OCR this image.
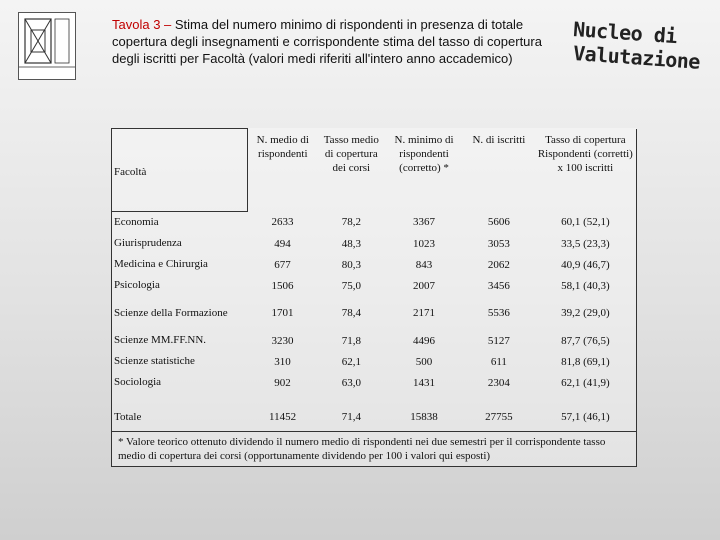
Tavola 3 – Stima del numero minimo di rispondenti in presenza di totale copertura degli insegnamenti e corrispondente stima del tasso di copertura degli iscritti per Facoltà (valori medi riferiti all'intero anno accademico)
Nucleo di
Valutazione
Facoltà	N. medio di rispondenti	Tasso medio di copertura dei corsi	N. minimo di rispondenti (corretto) *	N. di iscritti	Tasso di copertura Rispondenti (corretti) x 100 iscritti
Economia	2633	78,2	3367	5606	60,1 (52,1)
Giurisprudenza	494	48,3	1023	3053	33,5 (23,3)
Medicina e Chirurgia	677	80,3	843	2062	40,9 (46,7)
Psicologia	1506	75,0	2007	3456	58,1 (40,3)
Scienze della Formazione	1701	78,4	2171	5536	39,2 (29,0)
Scienze MM.FF.NN.	3230	71,8	4496	5127	87,7 (76,5)
Scienze statistiche	310	62,1	500	611	81,8 (69,1)
Sociologia	902	63,0	1431	2304	62,1 (41,9)

Totale	11452	71,4	15838	27755	57,1 (46,1)
* Valore teorico ottenuto dividendo il numero medio di rispondenti nei due semestri per il corrispondente tasso medio di copertura dei corsi (opportunamente dividendo per 100 i valori qui esposti)					
